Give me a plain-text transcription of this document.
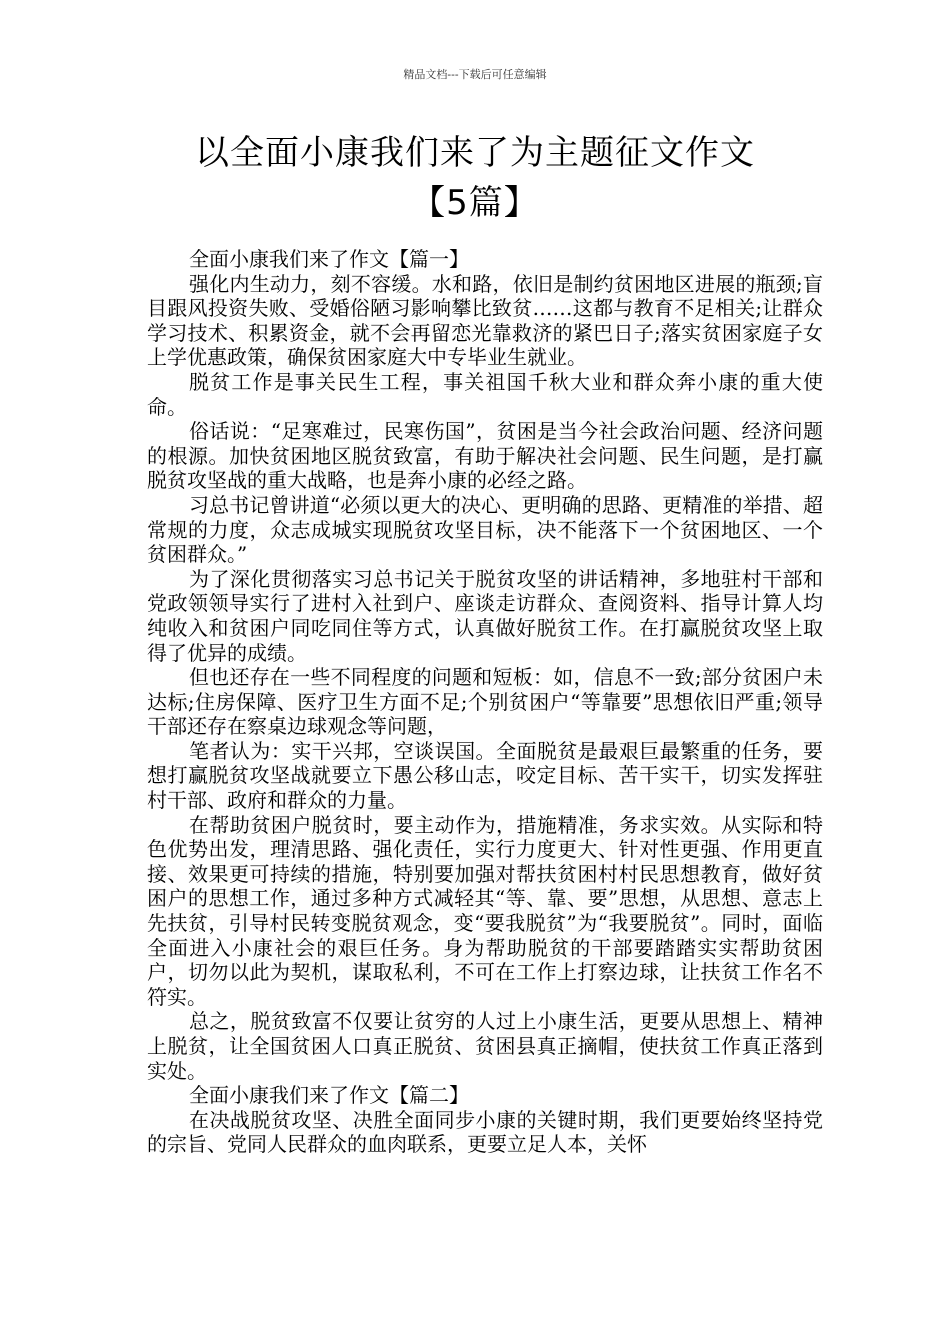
精品文档---下载后可任意编辑
以全面小康我们来了为主题征文作文
【5篇】

全面小康我们来了作文【篇一】

强化内生动力，刻不容缓。水和路，依旧是制约贫困地区进展的瓶颈;盲目跟风投资失败、受婚俗陋习影响攀比致贫……这都与教育不足相关;让群众学习技术、积累资金，就不会再留恋光靠救济的紧巴日子;落实贫困家庭子女上学优惠政策，确保贫困家庭大中专毕业生就业。

脱贫工作是事关民生工程，事关祖国千秋大业和群众奔小康的重大使命。

俗话说：“足寒难过，民寒伤国”，贫困是当今社会政治问题、经济问题的根源。加快贫困地区脱贫致富，有助于解决社会问题、民生问题，是打赢脱贫攻坚战的重大战略，也是奔小康的必经之路。

习总书记曾讲道“必须以更大的决心、更明确的思路、更精准的举措、超常规的力度，众志成城实现脱贫攻坚目标，决不能落下一个贫困地区、一个贫困群众。”

为了深化贯彻落实习总书记关于脱贫攻坚的讲话精神，多地驻村干部和党政领领导实行了进村入社到户、座谈走访群众、查阅资料、指导计算人均纯收入和贫困户同吃同住等方式，认真做好脱贫工作。在打赢脱贫攻坚上取得了优异的成绩。

但也还存在一些不同程度的问题和短板：如，信息不一致;部分贫困户未达标;住房保障、医疗卫生方面不足;个别贫困户“等靠要”思想依旧严重;领导干部还存在察桌边球观念等问题，

笔者认为：实干兴邦，空谈误国。全面脱贫是最艰巨最繁重的任务，要想打赢脱贫攻坚战就要立下愚公移山志，咬定目标、苦干实干，切实发挥驻村干部、政府和群众的力量。

在帮助贫困户脱贫时，要主动作为，措施精准，务求实效。从实际和特色优势出发，理清思路、强化责任，实行力度更大、针对性更强、作用更直接、效果更可持续的措施，特别要加强对帮扶贫困村村民思想教育，做好贫困户的思想工作，通过多种方式减轻其“等、靠、要”思想，从思想、意志上先扶贫，引导村民转变脱贫观念，变“要我脱贫”为“我要脱贫”。同时，面临全面进入小康社会的艰巨任务。身为帮助脱贫的干部要踏踏实实帮助贫困户，切勿以此为契机，谋取私利，不可在工作上打察边球，让扶贫工作名不符实。

总之，脱贫致富不仅要让贫穷的人过上小康生活，更要从思想上、精神上脱贫，让全国贫困人口真正脱贫、贫困县真正摘帽，使扶贫工作真正落到实处。

全面小康我们来了作文【篇二】

在决战脱贫攻坚、决胜全面同步小康的关键时期，我们更要始终坚持党的宗旨、党同人民群众的血肉联系，更要立足人本，关怀
